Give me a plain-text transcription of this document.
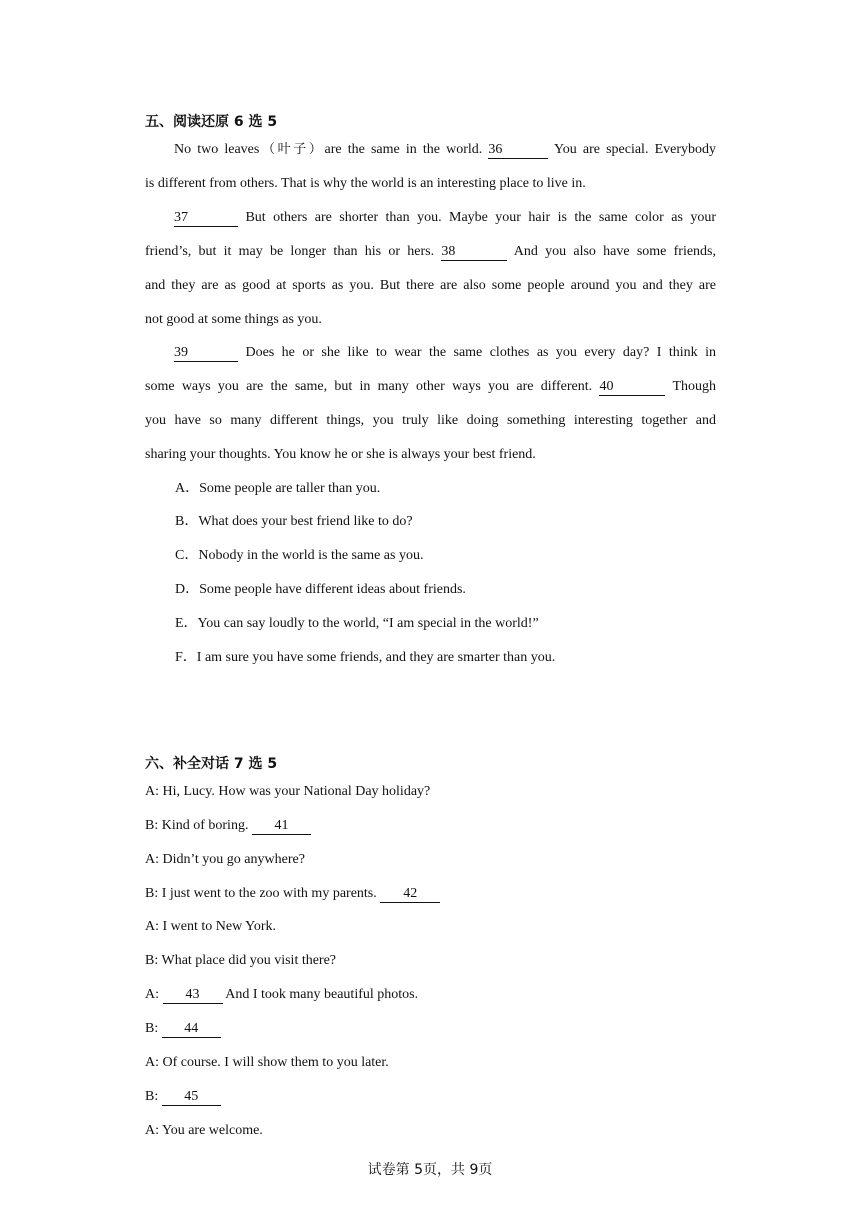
五、阅读还原 6 选 5
No two leaves（叶子）are the same in the world. 36	You are special. Everybody
is different from others. That is why the world is an interesting place to live in.
37	But others are shorter than you. Maybe your hair is the same color as your
friend’s, but it may be longer than his or hers. 38	And you also have some friends,
and they are as good at sports as you. But there are also some people around you and they are
not good at some things as you.
39	Does he or she like to wear the same clothes as you every day? I think in
some ways you are the same, but in many other ways you are different. 40	Though
you have so many different things, you truly like doing something interesting together and
sharing your thoughts. You know he or she is always your best friend.
A．Some people are taller than you.
B．What does your best friend like to do?
C．Nobody in the world is the same as you.
D．Some people have different ideas about friends.
E．You can say loudly to the world, “I am special in the world!”
F．I am sure you have some friends, and they are smarter than you.
六、补全对话 7 选 5
A: Hi, Lucy. How was your National Day holiday?
B: Kind of boring. 41
A: Didn’t you go anywhere?
B: I just went to the zoo with my parents. 42
A: I went to New York.
B: What place did you visit there?
A: 43 And I took many beautiful photos.
B: 44
A: Of course. I will show them to you later.
B: 45
A: You are welcome.
试卷第 5页，共 9页
